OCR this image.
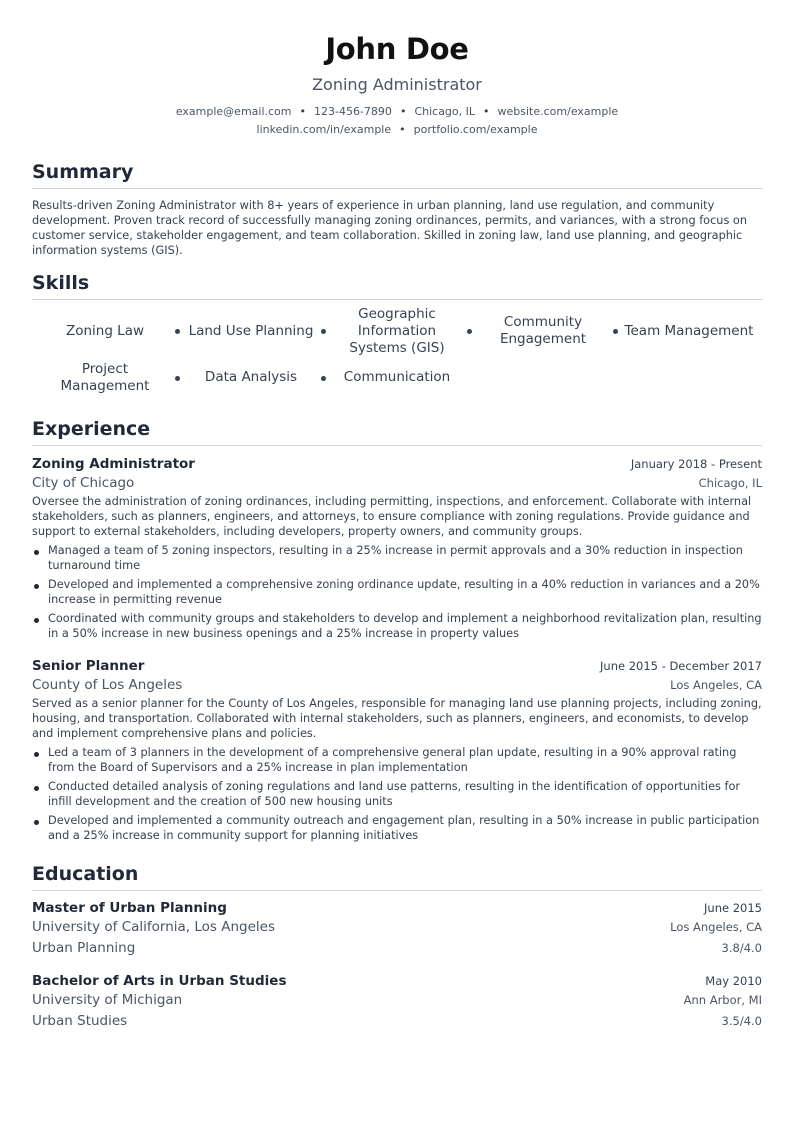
John Doe
Zoning Administrator
example@email.com • 123-456-7890 • Chicago, IL • website.com/example
linkedin.com/in/example • portfolio.com/example
Summary

Results-driven Zoning Administrator with 8+ years of experience in urban planning, land use regulation, and community development. Proven track record of successfully managing zoning ordinances, permits, and variances, with a strong focus on customer service, stakeholder engagement, and team collaboration. Skilled in zoning law, land use planning, and geographic information systems (GIS).

Skills
Zoning Law	Land Use Planning
Geographic Information Systems (GIS)
Community Engagement
Team Management
Project Management
Data Analysis	Communication
Experience
Zoning Administrator	January 2018 - Present
City of Chicago	Chicago, IL

Oversee the administration of zoning ordinances, including permitting, inspections, and enforcement. Collaborate with internal stakeholders, such as planners, engineers, and attorneys, to ensure compliance with zoning regulations. Provide guidance and support to external stakeholders, including developers, property owners, and community groups.

Managed a team of 5 zoning inspectors, resulting in a 25% increase in permit approvals and a 30% reduction in inspection turnaround time
Developed and implemented a comprehensive zoning ordinance update, resulting in a 40% reduction in variances and a 20% increase in permitting revenue
Coordinated with community groups and stakeholders to develop and implement a neighborhood revitalization plan, resulting in a 50% increase in new business openings and a 25% increase in property values
Senior Planner	June 2015 - December 2017
County of Los Angeles	Los Angeles, CA

Served as a senior planner for the County of Los Angeles, responsible for managing land use planning projects, including zoning, housing, and transportation. Collaborated with internal stakeholders, such as planners, engineers, and economists, to develop and implement comprehensive plans and policies.

Led a team of 3 planners in the development of a comprehensive general plan update, resulting in a 90% approval rating from the Board of Supervisors and a 25% increase in plan implementation
Conducted detailed analysis of zoning regulations and land use patterns, resulting in the identification of opportunities for infill development and the creation of 500 new housing units
Developed and implemented a community outreach and engagement plan, resulting in a 50% increase in public participation and a 25% increase in community support for planning initiatives
Education
Master of Urban Planning	June 2015
University of California, Los Angeles	Los Angeles, CA
Urban Planning	3.8/4.0
Bachelor of Arts in Urban Studies	May 2010
University of Michigan	Ann Arbor, MI
Urban Studies	3.5/4.0
